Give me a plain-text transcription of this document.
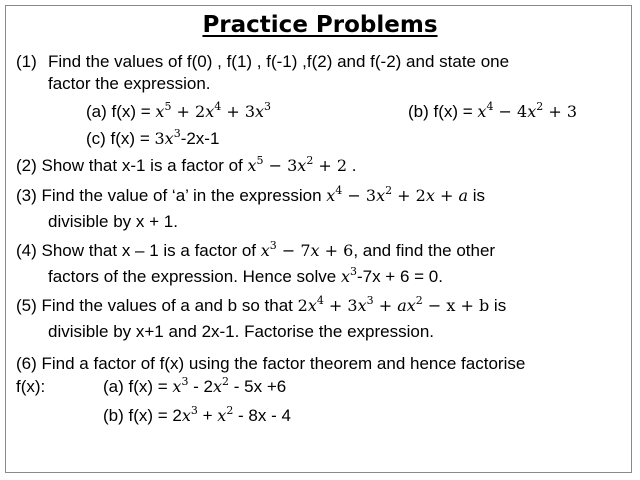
Practice Problems
(1) Find the values of f(0) , f(1) , f(-1) ,f(2) and f(-2) and state one
factor the expression.
(a) $f(x) = x^5 + 2x^4 + 3x^3$	(b) $f(x) = x^4 - 4x^2 + 3$
(c) $f(x) = 3x^3-2x-1$
(2) Show that x-1 is a factor of $x^5 - 3x^2 + 2$ .
(3) Find the value of ‘a’ in the expression $x^4 - 3x^2 + 2x + a$ is
divisible by x + 1.
(4) Show that x – 1 is a factor of $x^3 - 7x + 6$, and find the other
factors of the expression. Hence solve $x^3-7x + 6 = 0$.
(5) Find the values of a and b so that $2x^4 + 3x^3 + ax^2 - x + b$ is
divisible by x+1 and 2x-1. Factorise the expression.
(6) Find a factor of f(x) using the factor theorem and hence factorise
f(x):	(a) $f(x) = x^3 - 2x^2 - 5x +6$
(b) $f(x) = 2x^3 + x^2 - 8x - 4$
